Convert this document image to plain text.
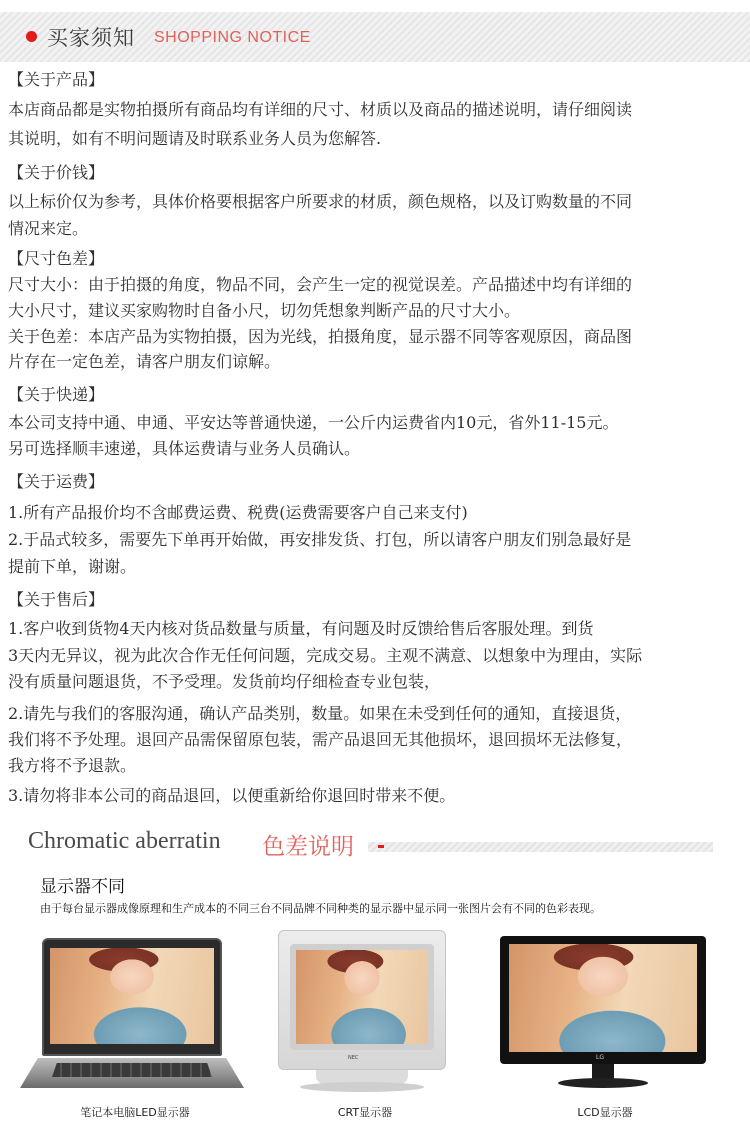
买家须知 SHOPPING NOTICE
【关于产品】
本店商品都是实物拍摄所有商品均有详细的尺寸、材质以及商品的描述说明，请仔细阅读
其说明，如有不明问题请及时联系业务人员为您解答.
【关于价钱】
以上标价仅为参考，具体价格要根据客户所要求的材质，颜色规格，以及订购数量的不同
情况来定。
【尺寸色差】
尺寸大小：由于拍摄的角度，物品不同，会产生一定的视觉误差。产品描述中均有详细的
大小尺寸，建议买家购物时自备小尺，切勿凭想象判断产品的尺寸大小。
关于色差：本店产品为实物拍摄，因为光线，拍摄角度，显示器不同等客观原因，商品图
片存在一定色差，请客户朋友们谅解。
【关于快递】
本公司支持中通、申通、平安达等普通快递，一公斤内运费省内10元，省外11-15元。
另可选择顺丰速递，具体运费请与业务人员确认。
【关于运费】
1.所有产品报价均不含邮费运费、税费(运费需要客户自己来支付)
2.于品式较多，需要先下单再开始做，再安排发货、打包，所以请客户朋友们别急最好是
提前下单，谢谢。
【关于售后】
1.客户收到货物4天内核对货品数量与质量，有问题及时反馈给售后客服处理。到货
3天内无异议，视为此次合作无任何问题，完成交易。主观不满意、以想象中为理由，实际
没有质量问题退货，不予受理。发货前均仔细检查专业包装，
2.请先与我们的客服沟通，确认产品类别，数量。如果在未受到任何的通知，直接退货，
我们将不予处理。退回产品需保留原包装，需产品退回无其他损坏，退回损坏无法修复，
我方将不予退款。
3.请勿将非本公司的商品退回，以便重新给你退回时带来不便。
Chromatic aberratin 色差说明
显示器不同
由于每台显示器成像原理和生产成本的不同三台不同品牌不同种类的显示器中显示同一张图片会有不同的色彩表现。
NEC	LG
笔记本电脑LED显示器	CRT显示器	LCD显示器
